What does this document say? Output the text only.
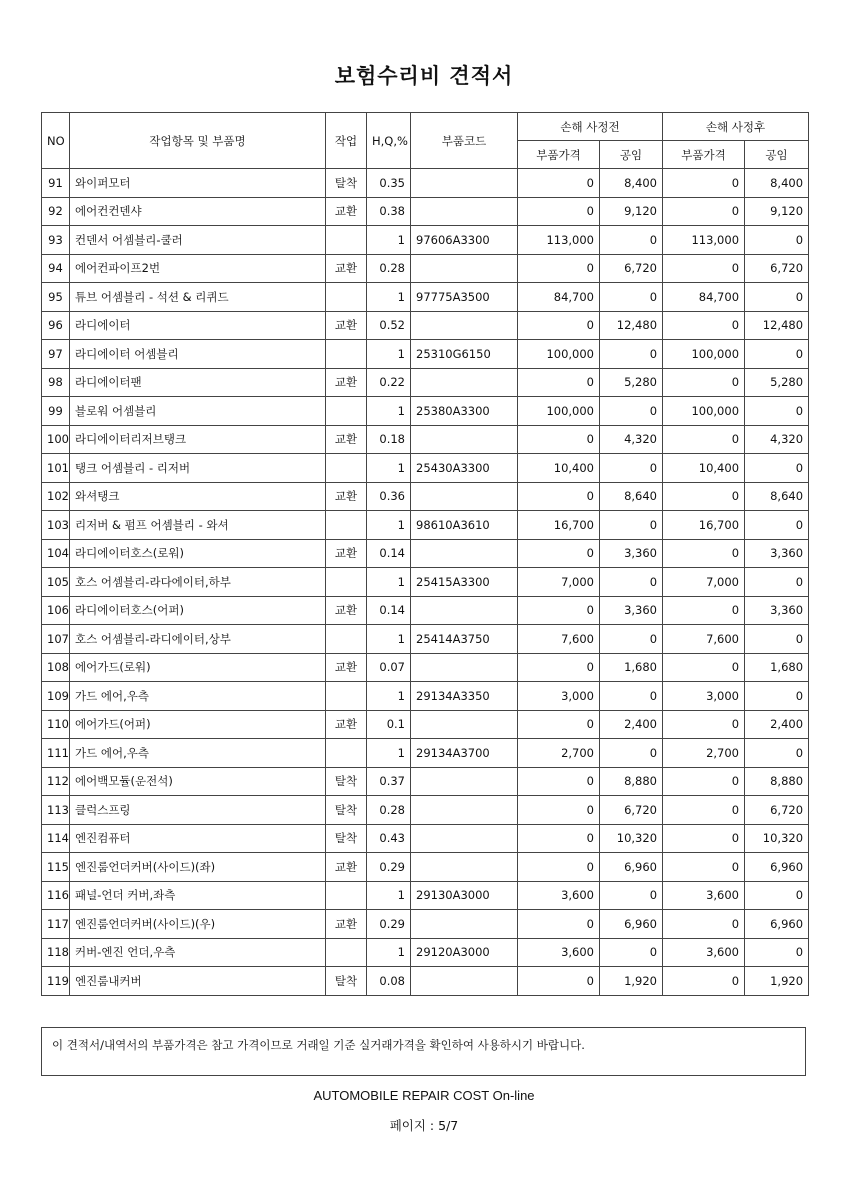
보험수리비 견적서
NO	작업항목 및 부품명	작업	H,Q,%	부품코드	손해 사정전		손해 사정후	
					부품가격	공임	부품가격	공임
91	와이퍼모터	탈착	0.35		0	8,400	0	8,400
92	에어컨컨덴샤	교환	0.38		0	9,120	0	9,120
93	컨덴서 어셈블리-쿨러		1	97606A3300	113,000	0	113,000	0
94	에어컨파이프2번	교환	0.28		0	6,720	0	6,720
95	튜브 어셈블리 - 석션 & 리퀴드		1	97775A3500	84,700	0	84,700	0
96	라디에이터	교환	0.52		0	12,480	0	12,480
97	라디에이터 어셈블리		1	25310G6150	100,000	0	100,000	0
98	라디에이터팬	교환	0.22		0	5,280	0	5,280
99	블로워 어셈블리		1	25380A3300	100,000	0	100,000	0
100	라디에이터리저브탱크	교환	0.18		0	4,320	0	4,320
101	탱크 어셈블리 - 리저버		1	25430A3300	10,400	0	10,400	0
102	와셔탱크	교환	0.36		0	8,640	0	8,640
103	리저버 & 펌프 어셈블리 - 와셔		1	98610A3610	16,700	0	16,700	0
104	라디에이터호스(로워)	교환	0.14		0	3,360	0	3,360
105	호스 어셈블리-라다에이터,하부		1	25415A3300	7,000	0	7,000	0
106	라디에이터호스(어퍼)	교환	0.14		0	3,360	0	3,360
107	호스 어셈블리-라디에이터,상부		1	25414A3750	7,600	0	7,600	0
108	에어가드(로워)	교환	0.07		0	1,680	0	1,680
109	가드 에어,우측		1	29134A3350	3,000	0	3,000	0
110	에어가드(어퍼)	교환	0.1		0	2,400	0	2,400
111	가드 에어,우측		1	29134A3700	2,700	0	2,700	0
112	에어백모듈(운전석)	탈착	0.37		0	8,880	0	8,880
113	클럭스프링	탈착	0.28		0	6,720	0	6,720
114	엔진컴퓨터	탈착	0.43		0	10,320	0	10,320
115	엔진룸언더커버(사이드)(좌)	교환	0.29		0	6,960	0	6,960
116	패널-언더 커버,좌측		1	29130A3000	3,600	0	3,600	0
117	엔진룸언더커버(사이드)(우)	교환	0.29		0	6,960	0	6,960
118	커버-엔진 언더,우측		1	29120A3000	3,600	0	3,600	0
119	엔진룸내커버	탈착	0.08		0	1,920	0	1,920
이 견적서/내역서의 부품가격은 참고 가격이므로 거래일 기준 실거래가격을 확인하여 사용하시기 바랍니다.
AUTOMOBILE REPAIR COST On-line
페이지 : 5/7
